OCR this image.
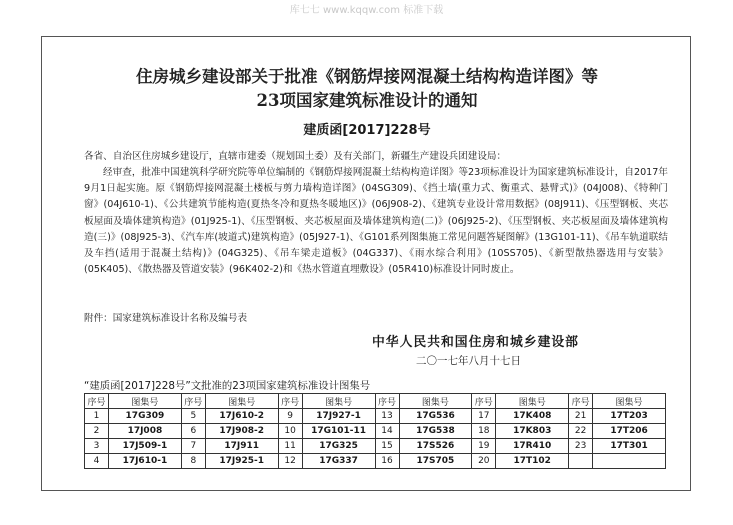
库七七 www.kqqw.com 标准下载
住房城乡建设部关于批准《钢筋焊接网混凝土结构构造详图》等
23项国家建筑标准设计的通知
建质函[2017]228号
各省、自治区住房城乡建设厅，直辖市建委（规划国土委）及有关部门，新疆生产建设兵团建设局：
经审查，批准中国建筑科学研究院等单位编制的《钢筋焊接网混凝土结构构造详图》等23项标准设计为国家建筑标准设计，自2017年9月1日起实施。原《钢筋焊接网混凝土楼板与剪力墙构造详图》(04SG309)、《挡土墙(重力式、衡重式、悬臂式)》(04J008)、《特种门窗》(04J610-1)、《公共建筑节能构造(夏热冬冷和夏热冬暖地区)》(06J908-2)、《建筑专业设计常用数据》(08J911)、《压型钢板、夹芯板屋面及墙体建筑构造》(01J925-1)、《压型钢板、夹芯板屋面及墙体建筑构造(二)》(06J925-2)、《压型钢板、夹芯板屋面及墙体建筑构造(三)》(08J925-3)、《汽车库(坡道式)建筑构造》(05J927-1)、《G101系列图集施工常见问题答疑图解》(13G101-11)、《吊车轨道联结及车挡(适用于混凝土结构)》(04G325)、《吊车梁走道板》(04G337)、《雨水综合利用》(10SS705)、《新型散热器选用与安装》(05K405)、《散热器及管道安装》(96K402-2)和《热水管道直埋敷设》(05R410)标准设计同时废止。
附件：国家建筑标准设计名称及编号表
中华人民共和国住房和城乡建设部
二〇一七年八月十七日
“建质函[2017]228号”文批准的23项国家建筑标准设计图集号
序号	图集号	序号	图集号	序号	图集号	序号	图集号	序号	图集号	序号	图集号
1	17G309	5	17J610-2	9	17J927-1	13	17G536	17	17K408	21	17T203
2	17J008	6	17J908-2	10	17G101-11	14	17G538	18	17K803	22	17T206
3	17J509-1	7	17J911	11	17G325	15	17S526	19	17R410	23	17T301
4	17J610-1	8	17J925-1	12	17G337	16	17S705	20	17T102		
